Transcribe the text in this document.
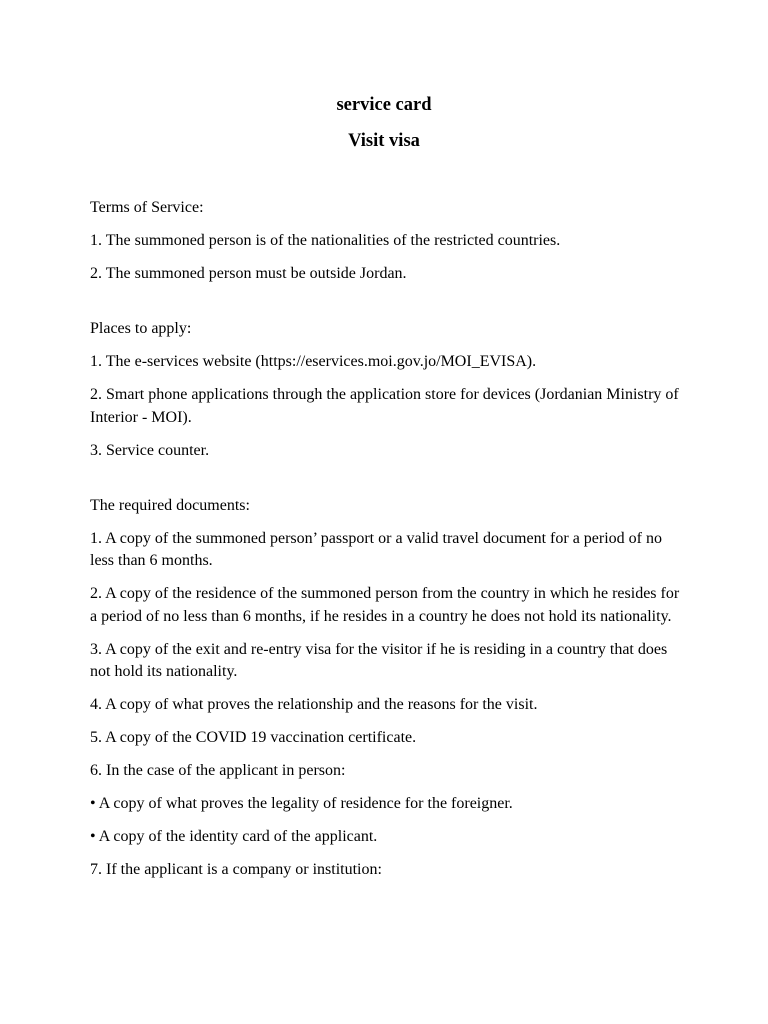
service card
Visit visa

Terms of Service:

1. The summoned person is of the nationalities of the restricted countries.

2. The summoned person must be outside Jordan.

Places to apply:

1. The e-services website (https://eservices.moi.gov.jo/MOI_EVISA).

2. Smart phone applications through the application store for devices (Jordanian Ministry of Interior - MOI).

3. Service counter.

The required documents:

1. A copy of the summoned person’ passport or a valid travel document for a period of no less than 6 months.

2. A copy of the residence of the summoned person from the country in which he resides for a period of no less than 6 months, if he resides in a country he does not hold its nationality.

3. A copy of the exit and re-entry visa for the visitor if he is residing in a country that does not hold its nationality.

4. A copy of what proves the relationship and the reasons for the visit.

5. A copy of the COVID 19 vaccination certificate.

6. In the case of the applicant in person:

• A copy of what proves the legality of residence for the foreigner.

• A copy of the identity card of the applicant.

7. If the applicant is a company or institution:
